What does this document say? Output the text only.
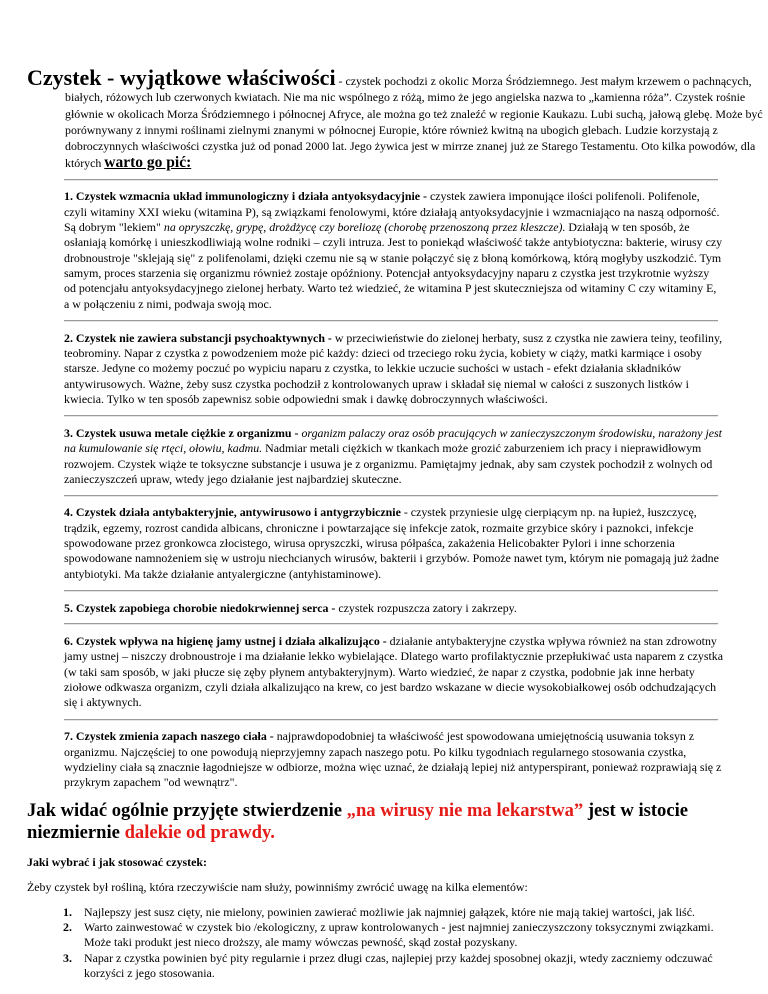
Czystek - wyjątkowe właściwości - czystek pochodzi z okolic Morza Śródziemnego. Jest małym krzewem o pachnących, białych, różowych lub czerwonych kwiatach. Nie ma nic wspólnego z różą, mimo że jego angielska nazwa to „kamienna róża”. Czystek rośnie głównie w okolicach Morza Śródziemnego i północnej Afryce, ale można go też znaleźć w regionie Kaukazu. Lubi suchą, jałową glebę. Może być porównywany z innymi roślinami zielnymi znanymi w północnej Europie, które również kwitną na ubogich glebach. Ludzie korzystają z dobroczynnych właściwości czystka już od ponad 2000 lat. Jego żywica jest w mirrze znanej już ze Starego Testamentu. Oto kilka powodów, dla których warto go pić:

1. Czystek wzmacnia układ immunologiczny i działa antyoksydacyjnie - czystek zawiera imponujące ilości polifenoli. Polifenole, czyli witaminy XXI wieku (witamina P), są związkami fenolowymi, które działają antyoksydacyjnie i wzmacniająco na naszą odporność. Są dobrym "lekiem" na opryszczkę, grypę, drożdżycę czy boreliozę (chorobę przenoszoną przez kleszcze). Działają w ten sposób, że osłaniają komórkę i unieszkodliwiają wolne rodniki – czyli intruza. Jest to poniekąd właściwość także antybiotyczna: bakterie, wirusy czy drobnoustroje "sklejają się" z polifenolami, dzięki czemu nie są w stanie połączyć się z błoną komórkową, którą mogłyby uszkodzić. Tym samym, proces starzenia się organizmu również zostaje opóźniony. Potencjał antyoksydacyjny naparu z czystka jest trzykrotnie wyższy od potencjału antyoksydacyjnego zielonej herbaty. Warto też wiedzieć, że witamina P jest skuteczniejsza od witaminy C czy witaminy E, a w połączeniu z nimi, podwaja swoją moc.

2. Czystek nie zawiera substancji psychoaktywnych - w przeciwieństwie do zielonej herbaty, susz z czystka nie zawiera teiny, teofiliny, teobrominy. Napar z czystka z powodzeniem może pić każdy: dzieci od trzeciego roku życia, kobiety w ciąży, matki karmiące i osoby starsze. Jedyne co możemy poczuć po wypiciu naparu z czystka, to lekkie uczucie suchości w ustach - efekt działania składników antywirusowych. Ważne, żeby susz czystka pochodził z kontrolowanych upraw i składał się niemal w całości z suszonych listków i kwiecia. Tylko w ten sposób zapewnisz sobie odpowiedni smak i dawkę dobroczynnych właściwości.

3. Czystek usuwa metale ciężkie z organizmu - organizm palaczy oraz osób pracujących w zanieczyszczonym środowisku, narażony jest na kumulowanie się rtęci, ołowiu, kadmu. Nadmiar metali ciężkich w tkankach może grozić zaburzeniem ich pracy i nieprawidłowym rozwojem. Czystek wiąże te toksyczne substancje i usuwa je z organizmu. Pamiętajmy jednak, aby sam czystek pochodził z wolnych od zanieczyszczeń upraw, wtedy jego działanie jest najbardziej skuteczne.

4. Czystek działa antybakteryjnie, antywirusowo i antygrzybicznie - czystek przyniesie ulgę cierpiącym np. na łupież, łuszczycę, trądzik, egzemy, rozrost candida albicans, chroniczne i powtarzające się infekcje zatok, rozmaite grzybice skóry i paznokci, infekcje spowodowane przez gronkowca złocistego, wirusa opryszczki, wirusa półpaśca, zakażenia Helicobakter Pylori i inne schorzenia spowodowane namnożeniem się w ustroju niechcianych wirusów, bakterii i grzybów. Pomoże nawet tym, którym nie pomagają już żadne antybiotyki. Ma także działanie antyalergiczne (antyhistaminowe).

5. Czystek zapobiega chorobie niedokrwiennej serca - czystek rozpuszcza zatory i zakrzepy.

6. Czystek wpływa na higienę jamy ustnej i działa alkalizująco - działanie antybakteryjne czystka wpływa również na stan zdrowotny jamy ustnej – niszczy drobnoustroje i ma działanie lekko wybielające. Dlatego warto profilaktycznie przepłukiwać usta naparem z czystka (w taki sam sposób, w jaki płucze się zęby płynem antybakteryjnym). Warto wiedzieć, że napar z czystka, podobnie jak inne herbaty ziołowe odkwasza organizm, czyli działa alkalizująco na krew, co jest bardzo wskazane w diecie wysokobiałkowej osób odchudzających się i aktywnych.

7. Czystek zmienia zapach naszego ciała - najprawdopodobniej ta właściwość jest spowodowana umiejętnością usuwania toksyn z organizmu. Najczęściej to one powodują nieprzyjemny zapach naszego potu. Po kilku tygodniach regularnego stosowania czystka, wydzieliny ciała są znacznie łagodniejsze w odbiorze, można więc uznać, że działają lepiej niż antyperspirant, ponieważ rozprawiają się z przykrym zapachem "od wewnątrz".

Jak widać ogólnie przyjęte stwierdzenie „na wirusy nie ma lekarstwa” jest w istocie niezmiernie dalekie od prawdy.

Jaki wybrać i jak stosować czystek:
Żeby czystek był rośliną, która rzeczywiście nam służy, powinniśmy zwrócić uwagę na kilka elementów:
1. Najlepszy jest susz cięty, nie mielony, powinien zawierać możliwie jak najmniej gałązek, które nie mają takiej wartości, jak liść.
2. Warto zainwestować w czystek bio /ekologiczny, z upraw kontrolowanych - jest najmniej zanieczyszczony toksycznymi związkami. Może taki produkt jest nieco droższy, ale mamy wówczas pewność, skąd został pozyskany.
3. Napar z czystka powinien być pity regularnie i przez długi czas, najlepiej przy każdej sposobnej okazji, wtedy zaczniemy odczuwać korzyści z jego stosowania.
